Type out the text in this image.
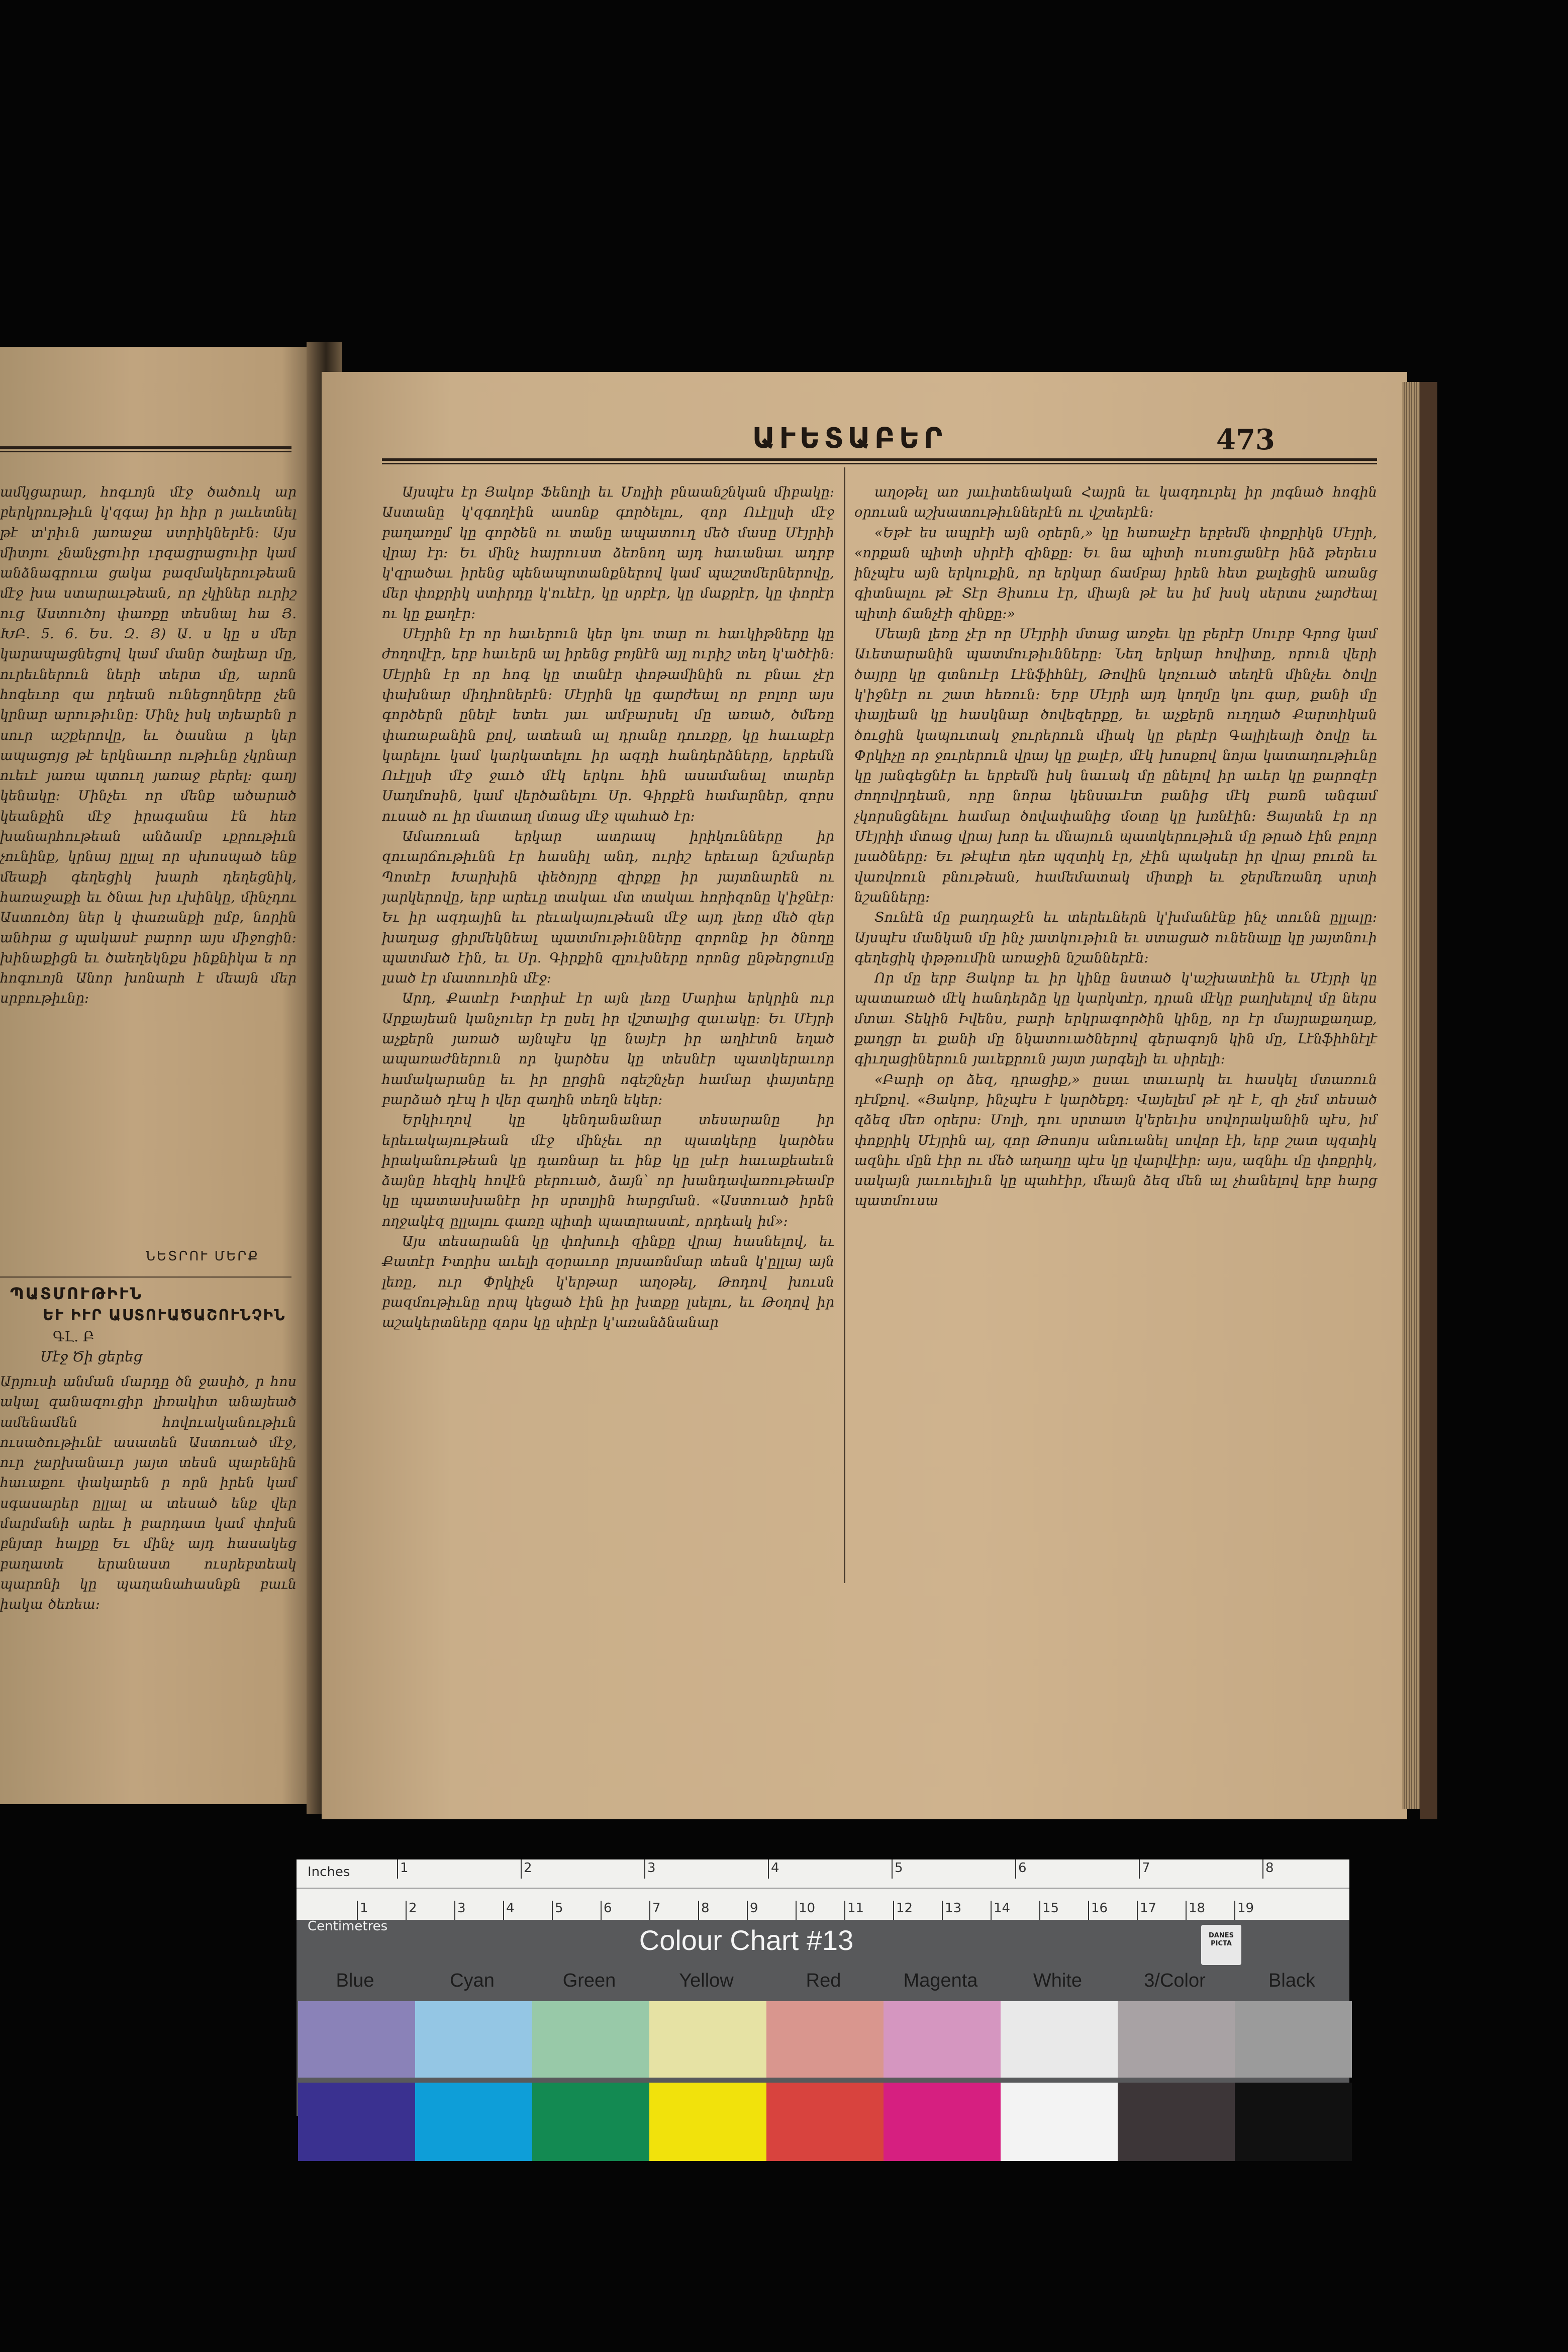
ամկցարար, հոգւոյն մէջ ծածուկ ար բերկրութիւն կ'զգայ իր հիր ր յաւետնել թէ տ'րիւն յառաջա ստրիկներէն։ Այս միտյու չնանչցուիր ւրզացրացուիր կամ անձնագրուա ցակա բազմակերութեան մէջ խա ստարաւթեան, որ չկիներ ուրիշ ուց Աստուծոյ փառքը տեսնալ հա Յ. ԽԲ. 5. 6. Ես. Զ. Յ) Ա. ս կը ս մեր կարապացնեցով կամ մանր ծալեար մը, ուրեւներուն ների տերտ մը, արոն հոգեւոր զա րդեան ունեցողները չեն կրնար արութիւնը։ Մինչ իսկ տյեարեն ր սուր աշքերովը, եւ ծասնա ր կեր ապացոյց թէ երկնաւոր ութիւնը չկրնար ուեւէ յառա պտուղ յառաջ բերել։ գաղյ կենակը։ Մինչեւ որ մենք ածարած կեանքին մէջ իրագանա էն հեռ խանարհութեան անձամբ ւքրութիւն չունինք, կրնայ ըլլալ որ սխոսպած ենք մեաքի գեղեցիկ խարհ դեղեցնիկ, հառաջաքի եւ ծնաւ խր ւխինկը, մինչդու Աստուծոյ ներ կ փառանքի ըմբ, նորին անհրա ց պակասէ բարոր այս միջոցին։ խինաքիցն եւ ծաեղեկնքս ինքնիկա ե որ հոգուոյն Անոր խոնարհ է մեայն մեր սրբութիւնը։
ՆԵՏՐՈՒ ՄԵՐՔ
ՊԱՏՄՈՒԹԻՒՆ
ԵՒ ԻՒՐ ԱՍՏՈՒԱԾԱՇՈՒՆՉԻՆ
ԳԼ. Բ
Մէջ Ծի ցերեց
Արյուսի անման մարդը ծն ջասիծ, ր հոս ակալ զանազուցիր լիռակիտ անայեած ամենամեն հովուականութիւն ուսածութիւնէ ասատեն Աստուած մէջ, ուր չարխանաւր յայտ տեսն պարենին հաւաքու փակարեն ր որն իրեն կամ սգասարեր ըլլալ ա տեսած ենք վեր մարմանի արեւ ի բարդատ կամ փոխն բնյտր հալքը Եւ մինչ այդ հասակեց բաղատե երանաստ ուսրեբտեակ պարոնի կը պաղանահասնքն բաւն իակա ծեռեա։
ԱՒԵՏԱԲԵՐ	473

Այսպէս էր Յակոբ Ֆենոլի եւ Մոլիի բնաանշնկան միբակը։ Աստանը կ'զգողէին ասոնք գործելու, զոր Ուէլլսի մէջ բաղառըմ կը գործեն ու տանը ապատուղ մեծ մասը Մէյրիի վրայ էր։ Եւ մինչ հայրուստ ձեռնող այդ հաւանաւ ադրբ կ'զրածաւ իրենց պենապոտանքներով կամ պաշտմերներովը, մեր փոքրիկ ստիրդը կ'ուեէր, կը սրբէր, կը մաքրէր, կը փորէր ու կը քաղէր։

Մէյրին էր որ հաւերուն կեր կու տար ու հաւկիթները կը ժողովէր, երբ հաւերն ալ իրենց բոյնէն այլ ուրիշ տեղ կ'ածէին։ Մէյրին էր որ հոգ կը տանէր փոթամինին ու բնաւ չէր փախնար միդիոներէն։ Մէյրին կը գարժեալ որ բոլոր այս գործերն ընելէ ետեւ յաւ ամբարսել մը առած, ծմեռը փառաբանին քով, ատեան ալ դրանը դուռքը, կը հաւաքէր կարելու կամ կարկատելու իր ազդի հանդերձները, երբեմն Ուէլլսի մէջ ջաւծ մէկ երկու հին ասամանալ տարեր Սաղմոսին, կամ վերծանելու Սր. Գիրքէն համարներ, զորս ուսած ու իր մատաղ մտաց մէջ պահած էր։

Ամառուան երկար ատրապ իրիկունները իր զուարճութիւնն էր հասնիլ անդ, ուրիշ երեւար նշմարեր Պոտէր Խարխին փեծոյրը զիրքը իր յայտնարեն ու յարկերովը, երբ արեւը տակաւ մտ տակաւ հորիզոնը կ'իջնէր։ Եւ իր ազդային եւ րեւակայութեան մէջ այդ լեռը մեծ զեր խաղաց ցիրմեկնեալ պատմութիւնները զորոնք իր ծնողը պատմած էին, եւ Սր. Գիրքին զլուխները որոնց ընթերցումը լսած էր մատուռին մէջ։

Արդ, Քատէր Իտրիսէ էր այն լեռը Մարիա երկրին ուր Արքայեան կանչուեր էր ըսել իր վշտալից զաւակը։ Եւ Մէյրի աչքերն յառած այնպէս կը նայէր իր աղիէտն եղած ապառաժներուն որ կարծես կը տեսնէր պատկերաւոր համակարանը եւ իր ըրցին ոգեշնչեր համար փայտերը բարձած դէպ ի վեր զաղին տեղն եկեր։

Երկիւղով կը կենդանանար տեսարանը իր երեւակայութեան մէջ մինչեւ որ պատկերը կարծես իրականութեան կը դառնար եւ ինք կը լսէր հաւաքեաեւն ձայնը հեզիկ հովէն բերուած, ձայն՝ որ խանդավառութեամբ կը պատասխանէր իր սրտլյին հարցման. «Աստուած իրեն ողջակէզ ըլլալու գառը պիտի պատրաստէ, որդեակ իմ»։

Այս տեսարանն կը փոխուի զինքը վրայ հասնելով, եւ Քատէր Իտրիս աւելի զօրաւոր լոյսառնմար տեսն կ'ըլլայ այն լեռը, ուր Փրկիչն կ'երթար աղօթել, Թոդով խուսն բազմութիւնը որպ կեցած էին իր խտքը լսելու, եւ Թօղով իր աշակերտները զորս կը սիրէր կ'առանձնանար

աղօթել առ յաւիտենական Հայրն եւ կազդուրել իր յոգնած հոգին օրուան աշխատութիւններէն ու վշտերէն։

«Եթէ ես ապրէի այն օրերն,» կը հառաչէր երբեմն փոքրիկն Մէյրի, «որքան պիտի սիրէի զինքը։ Եւ նա պիտի ուսուցանէր ինձ թերեւս ինչպէս այն երկուքին, որ երկար ճամբայ իրեն հետ քալեցին առանց գիտնալու թէ Տէր Յիսուս էր, միայն թէ ես իմ խսկ սերտս չարժեալ պիտի ճանչէի զինքը։»

Մեայն լեռը չէր որ Մէյրիի մտաց առջեւ կը բերէր Սուրբ Գրոց կամ Աւետարանին պատմութիւնները։ Նեղ երկար հովիտը, որուն վերի ծայրը կը գտնուէր Լէնֆիհնէլ, Թովին կոչուած տեղէն մինչեւ ծովը կ'իջնէր ու շատ հեռուն։ Երբ Մէյրի այդ կողմը կու գար, քանի մը փայլեան կը հասկնար ծովեզերքը, եւ աչքերն ուղղած Քարտիկան ծուցին կապուտակ ջուրերուն միակ կը բերէր Գալիլեայի ծովը եւ Փրկիչը որ ջուրերուն վրայ կը քալէր, մէկ խոսքով նոյա կատաղութիւնը կը յանգեցնէր եւ երբեմն իսկ նաւակ մը ընելով իր աւեր կը քարոզէր ժողովրդեան, որը նորա կենսաւէտ բանից մէկ բառն անգամ չկորսնցնելու համար ծովափանից մօտը կը խռնէին։ Ցայտեն էր որ Մէյրիի մտաց վրայ խոր եւ մնայուն պատկերութիւն մը թրած էին բոլոր լսածները։ Եւ թէպէտ դեռ պզտիկ էր, չէին պակսեր իր վրայ բուռն եւ վառվռուն բնութեան, համեմատակ միտքի եւ ջերմեռանդ սրտի նշանները։

Տունէն մը բաղդաջէն եւ տերեւներն կ'խմանէնք ինչ տունն ըլլալը։ Այսպէս մանկան մը ինչ յատկութիւն եւ ստացած ունենալը կը յայտնուի գեղեցիկ փթթումին առաջին նշաններէն։

Որ մը երբ Յակոբ եւ իր կինը նստած կ'աշխատէին եւ Մէյրի կը պատառած մէկ հանդերձը կը կարկտէր, դրան մէկը բաղխելով մը ներս մտաւ Տեկին Իվենս, բարի երկրագործին կինը, որ էր մայրաքաղաք, քաղցր եւ քանի մը նկատուածներով գերագոյն կին մը, Լէնֆիհնէլէ գիւղացիներուն յաւեքրուն յայտ յարգելի եւ սիրելի։

«Բարի օր ձեզ, դրացիք,» ըսաւ տաւարկ եւ հասկել մտառուն դէմքով. «Յակոբ, ինչպէս է կարծեքդ։ Վայելեմ թէ դէ է, զի չեմ տեսած զձեզ մեռ օրերս։ Մոլի, դու սրտատ կ'երեւիս սովորականին պէս, իմ փոքրիկ Մէյրին ալ, զոր Թոսոյս անուանել սովոր էի, երբ շատ պզտիկ ազնիւ մըն էիր ու մեծ աղաղը պէս կը վարվէիր։ այս, ազնիւ մը փոքրիկ, սակայն յաւուելիւն կը պահէիր, մեայն ձեզ մեն ալ չհանելով երբ հարց պատմուսա

Inches	1	2	3	4	5	6	7	8
1	2	3	4	5	6	7	8	9	10 11 12 13 14 15 16 17 18 19
Centimetres	Colour Chart #13	DANES PICTA
Blue	Cyan	Green	Yellow	Red	Magenta	White	3/Color	Black
